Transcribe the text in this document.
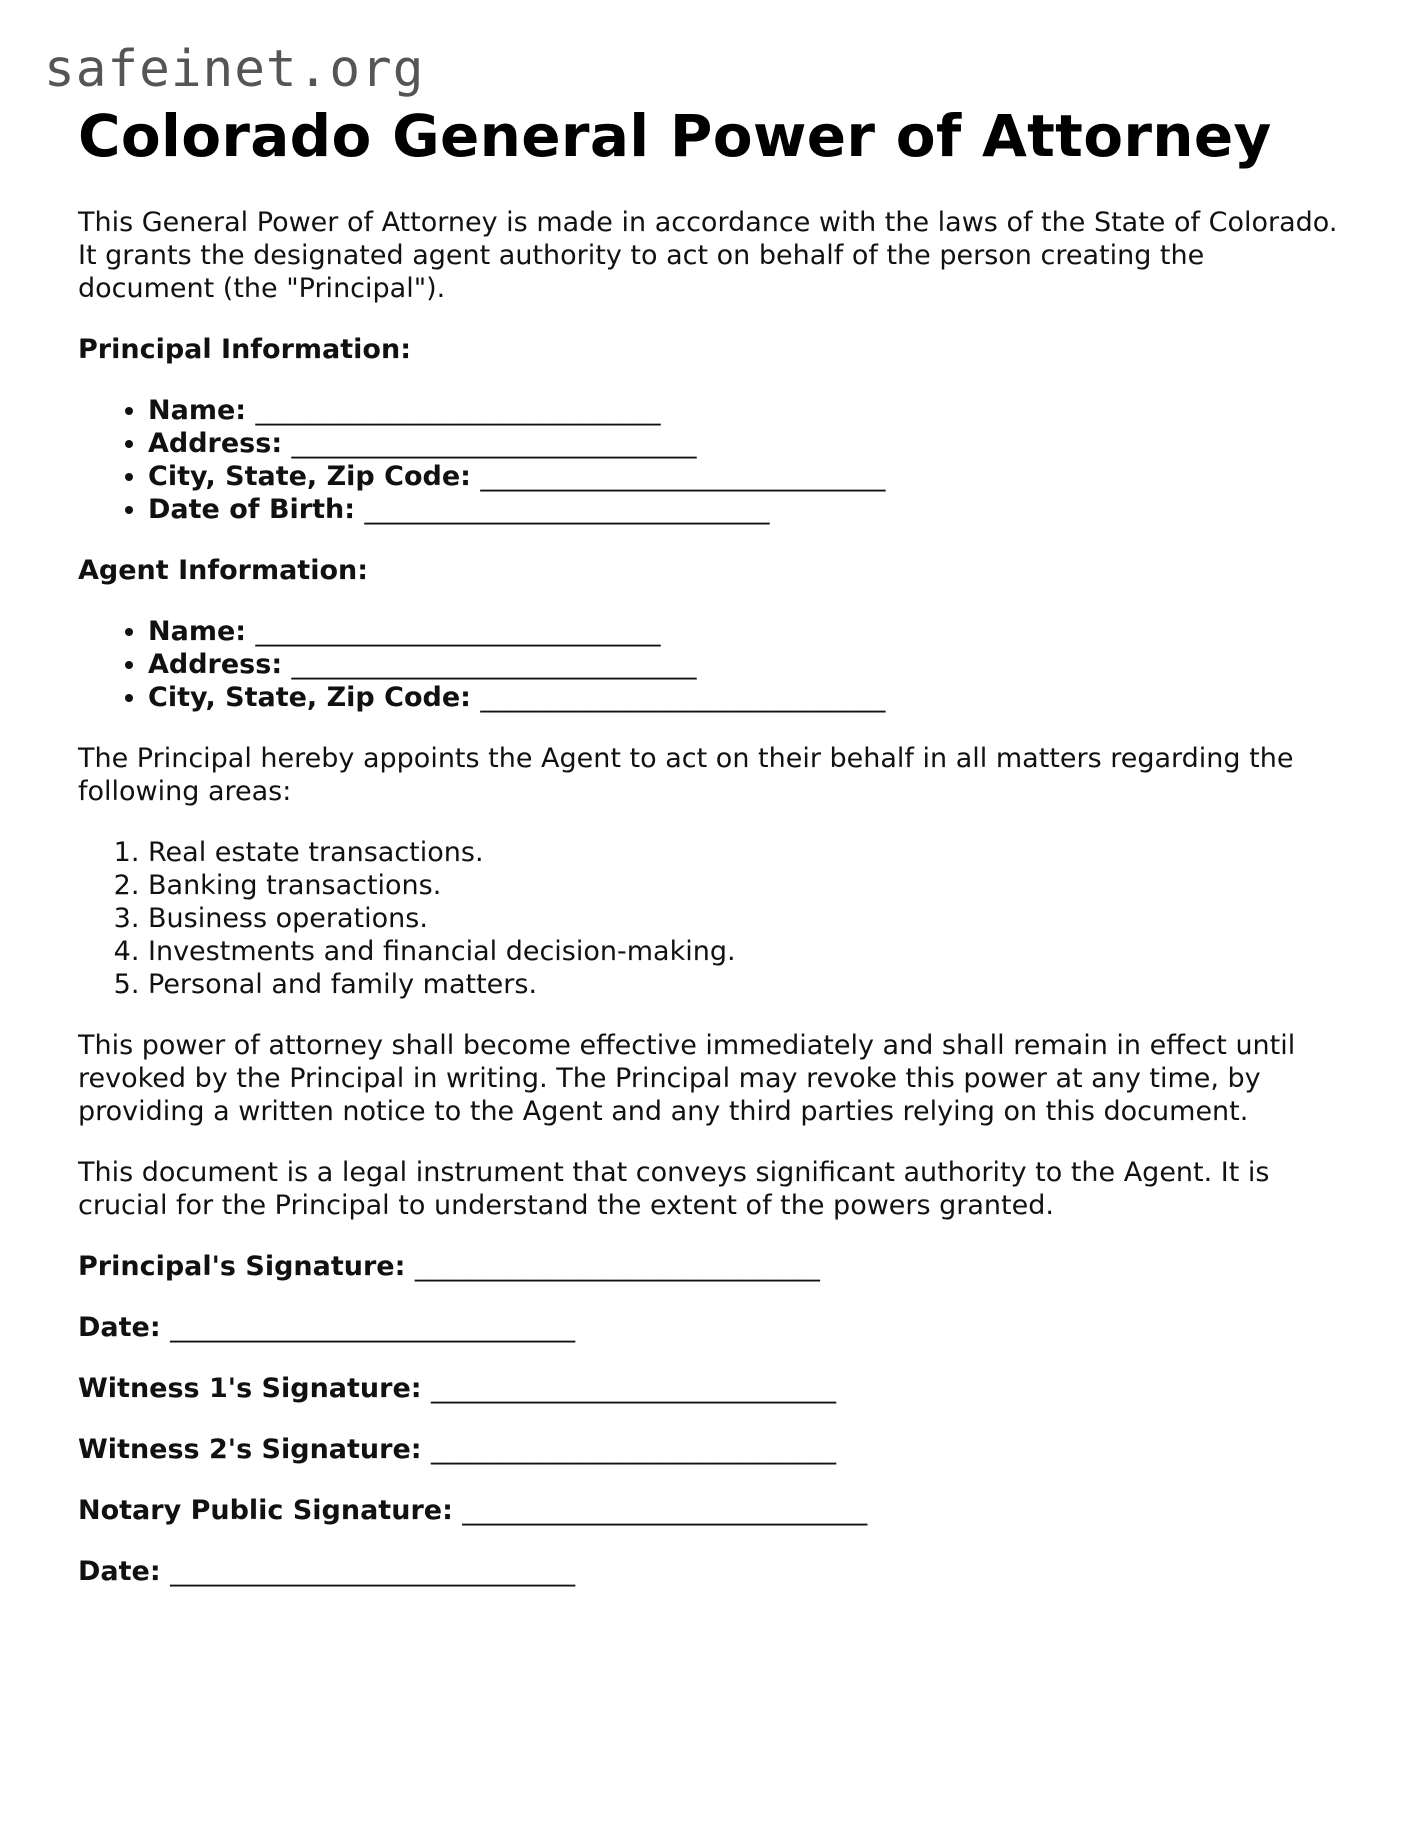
safeinet.org
Colorado General Power of Attorney

This General Power of Attorney is made in accordance with the laws of the State of Colorado. It grants the designated agent authority to act on behalf of the person creating the document (the "Principal").

Principal Information:

• Name: ______________________________
• Address: ______________________________
• City, State, Zip Code: ______________________________
• Date of Birth: ______________________________

Agent Information:

• Name: ______________________________
• Address: ______________________________
• City, State, Zip Code: ______________________________

The Principal hereby appoints the Agent to act on their behalf in all matters regarding the following areas:

1. Real estate transactions.
2. Banking transactions.
3. Business operations.
4. Investments and financial decision-making.
5. Personal and family matters.

This power of attorney shall become effective immediately and shall remain in effect until revoked by the Principal in writing. The Principal may revoke this power at any time, by providing a written notice to the Agent and any third parties relying on this document.

This document is a legal instrument that conveys significant authority to the Agent. It is crucial for the Principal to understand the extent of the powers granted.

Principal's Signature: ______________________________

Date: ______________________________

Witness 1's Signature: ______________________________

Witness 2's Signature: ______________________________

Notary Public Signature: ______________________________

Date: ______________________________
